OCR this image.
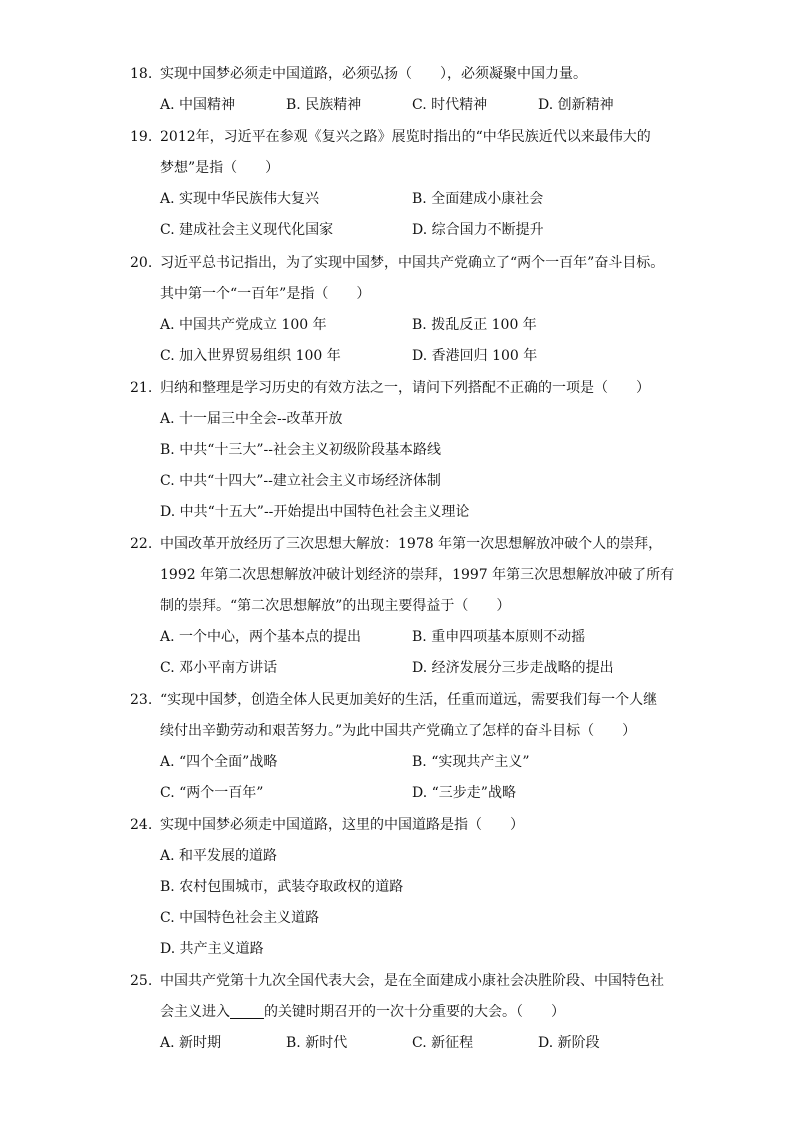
18. 实现中国梦必须走中国道路，必须弘扬（　　），必须凝聚中国力量。
A. 中国精神	B. 民族精神	C. 时代精神	D. 创新精神
19. 2012年，习近平在参观《复兴之路》展览时指出的“中华民族近代以来最伟大的
梦想”是指（　　）
A. 实现中华民族伟大复兴	B. 全面建成小康社会
C. 建成社会主义现代化国家	D. 综合国力不断提升
20. 习近平总书记指出，为了实现中国梦，中国共产党确立了“两个一百年”奋斗目标。
其中第一个“一百年”是指（　　）
A. 中国共产党成立 100 年	B. 拨乱反正 100 年
C. 加入世界贸易组织 100 年	D. 香港回归 100 年
21. 归纳和整理是学习历史的有效方法之一，请问下列搭配不正确的一项是（　　）
A. 十一届三中全会--改革开放
B. 中共“十三大”--社会主义初级阶段基本路线
C. 中共“十四大”--建立社会主义市场经济体制
D. 中共“十五大”--开始提出中国特色社会主义理论
22. 中国改革开放经历了三次思想大解放：1978 年第一次思想解放冲破个人的崇拜，
1992 年第二次思想解放冲破计划经济的崇拜，1997 年第三次思想解放冲破了所有
制的崇拜。“第二次思想解放”的出现主要得益于（　　）
A. 一个中心，两个基本点的提出	B. 重申四项基本原则不动摇
C. 邓小平南方讲话	D. 经济发展分三步走战略的提出
23. “实现中国梦，创造全体人民更加美好的生活，任重而道远，需要我们每一个人继
续付出辛勤劳动和艰苦努力。”为此中国共产党确立了怎样的奋斗目标（　　）
A. “四个全面”战略	B. “实现共产主义”
C. “两个一百年”	D. “三步走”战略
24. 实现中国梦必须走中国道路，这里的中国道路是指（　　）
A. 和平发展的道路
B. 农村包围城市，武装夺取政权的道路
C. 中国特色社会主义道路
D. 共产主义道路
25. 中国共产党第十九次全国代表大会，是在全面建成小康社会决胜阶段、中国特色社
会主义进入 的关键时期召开的一次十分重要的大会。（　　）
A. 新时期	B. 新时代	C. 新征程	D. 新阶段
